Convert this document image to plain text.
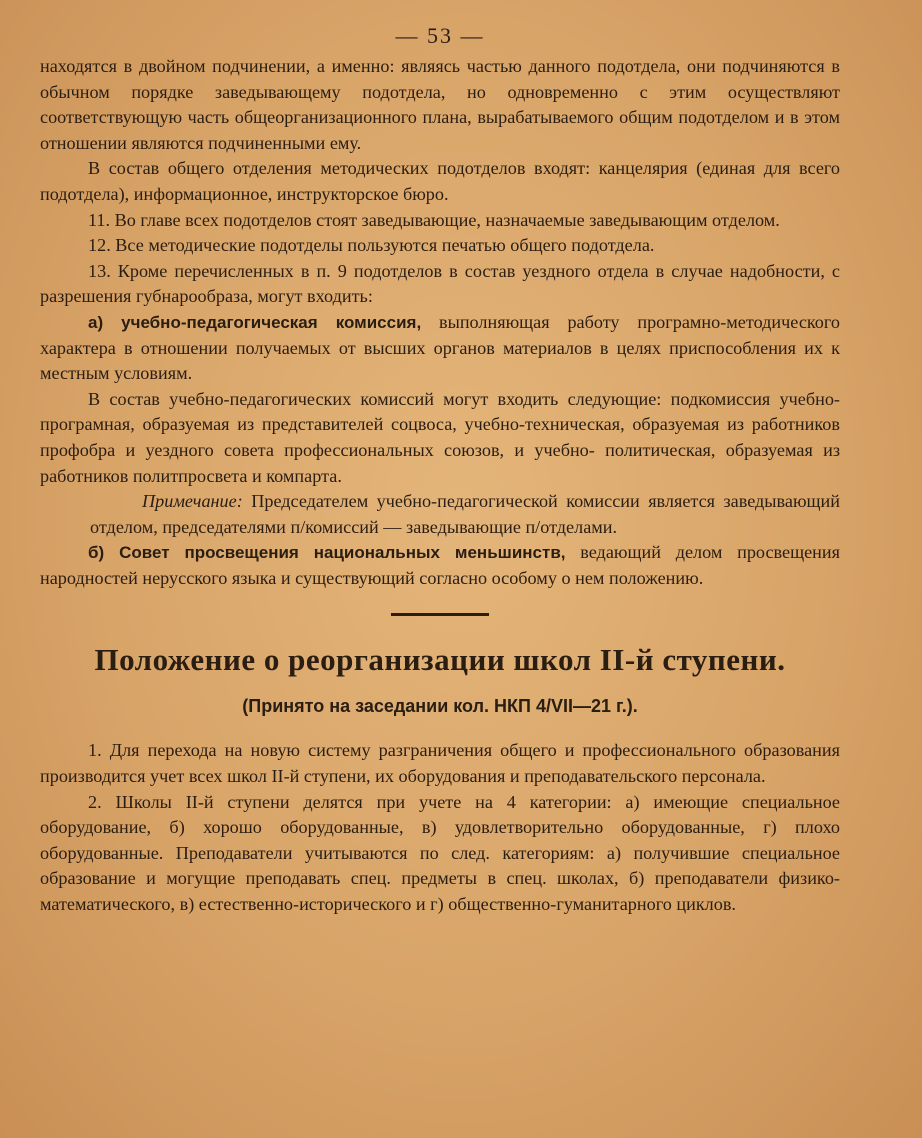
— 53 —

находятся в двойном подчинении, а именно: являясь частью данного подотдела, они подчиняются в обычном порядке заведывающему подотдела, но одновременно с этим осуществляют соответствующую часть общеорганизационного плана, вырабатываемого общим подотделом и в этом отношении являются подчиненными ему.

В состав общего отделения методических подотделов входят: канцелярия (единая для всего подотдела), информационное, инструкторское бюро.

11. Во главе всех подотделов стоят заведывающие, назначаемые заведывающим отделом.

12. Все методические подотделы пользуются печатью общего подотдела.

13. Кроме перечисленных в п. 9 подотделов в состав уездного отдела в случае надобности, с разрешения губнарообраза, могут входить:

а) учебно-педагогическая комиссия, выполняющая работу програмно-методического характера в отношении получаемых от высших органов материалов в целях приспособления их к местным условиям.

В состав учебно-педагогических комиссий могут входить следующие: подкомиссия учебно-програмная, образуемая из представителей соцвоса, учебно-техническая, образуемая из работников профобра и уездного совета профессиональных союзов, и учебно- политическая, образуемая из работников политпросвета и компарта.

Примечание: Председателем учебно-педагогической комиссии является заведывающий отделом, председателями п/комиссий — заведывающие п/отделами.

б) Совет просвещения национальных меньшинств, ведающий делом просвещения народностей нерусского языка и существующий согласно особому о нем положению.

Положение о реорганизации школ II-й ступени.
(Принято на заседании кол. НКП 4/VII—21 г.).

1. Для перехода на новую систему разграничения общего и профессионального образования производится учет всех школ II-й ступени, их оборудования и преподавательского персонала.

2. Школы II-й ступени делятся при учете на 4 категории: а) имеющие специальное оборудование, б) хорошо оборудованные, в) удовлетворительно оборудованные, г) плохо оборудованные. Преподаватели учитываются по след. категориям: а) получившие специальное образование и могущие преподавать спец. предметы в спец. школах, б) преподаватели физико-математического, в) естественно-исторического и г) общественно-гуманитарного циклов.
